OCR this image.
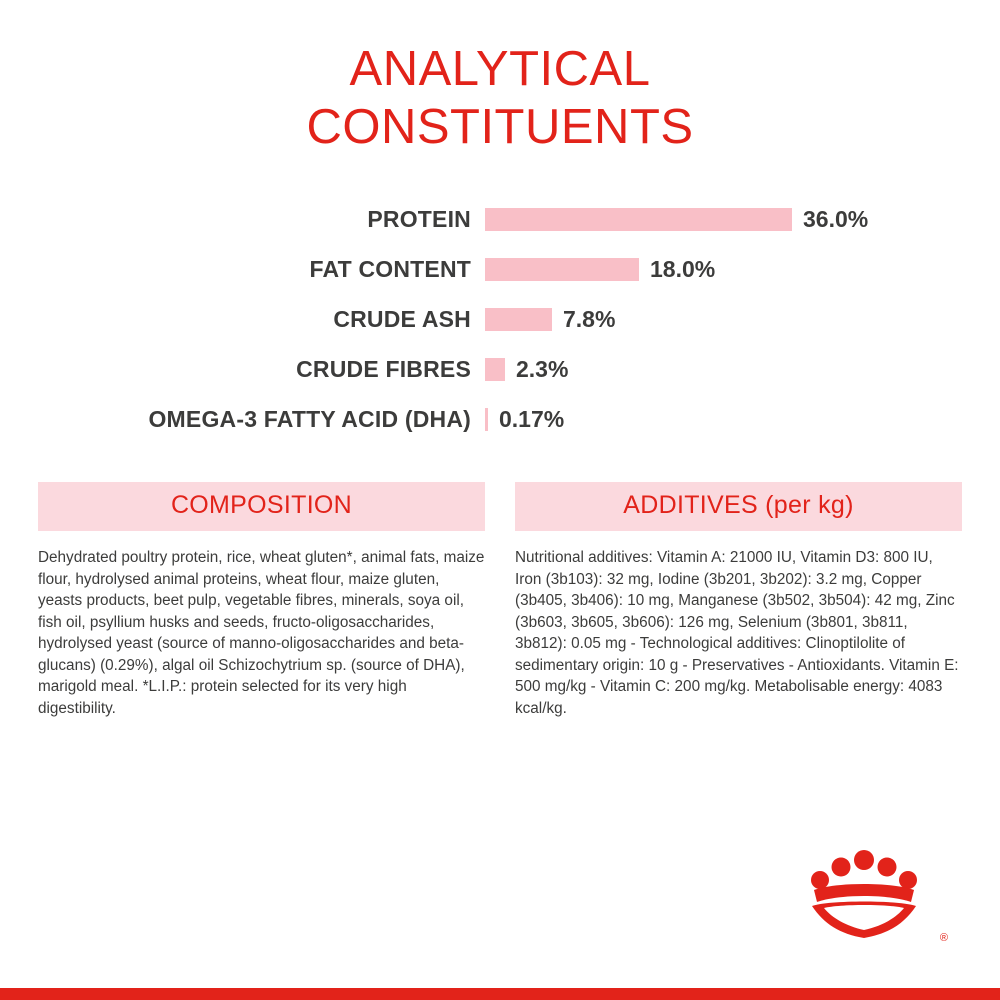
ANALYTICAL
CONSTITUENTS
PROTEIN	36.0%
FAT CONTENT	18.0%
CRUDE ASH	7.8%
CRUDE FIBRES	2.3%
OMEGA-3 FATTY ACID (DHA)	0.17%
COMPOSITION
Dehydrated poultry protein, rice, wheat gluten*, animal fats, maize flour, hydrolysed animal proteins, wheat flour, maize gluten, yeasts products, beet pulp, vegetable fibres, minerals, soya oil, fish oil, psyllium husks and seeds, fructo-oligosaccharides, hydrolysed yeast (source of manno-oligosaccharides and beta-glucans) (0.29%), algal oil Schizochytrium sp. (source of DHA), marigold meal. *L.I.P.: protein selected for its very high digestibility.
ADDITIVES (per kg)
Nutritional additives: Vitamin A: 21000 IU, Vitamin D3: 800 IU, Iron (3b103): 32 mg, Iodine (3b201, 3b202): 3.2 mg, Copper (3b405, 3b406): 10 mg, Manganese (3b502, 3b504): 42 mg, Zinc (3b603, 3b605, 3b606): 126 mg, Selenium (3b801, 3b811, 3b812): 0.05 mg - Technological additives: Clinoptilolite of sedimentary origin: 10 g - Preservatives - Antioxidants. Vitamin E: 500 mg/kg - Vitamin C: 200 mg/kg. Metabolisable energy: 4083 kcal/kg.
®
